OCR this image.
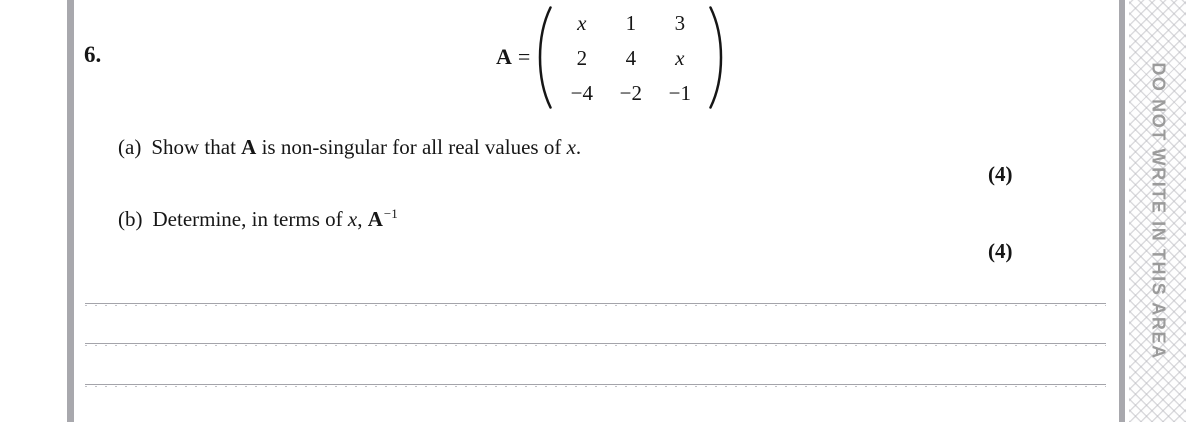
6.	A =
x	1	3
2	4	x
−4	−2	−1
(a) Show that A is non-singular for all real values of x.
(4)
(b) Determine, in terms of x, $A^{-1}$
(4)	DO NOT WRITE IN THIS AREA
